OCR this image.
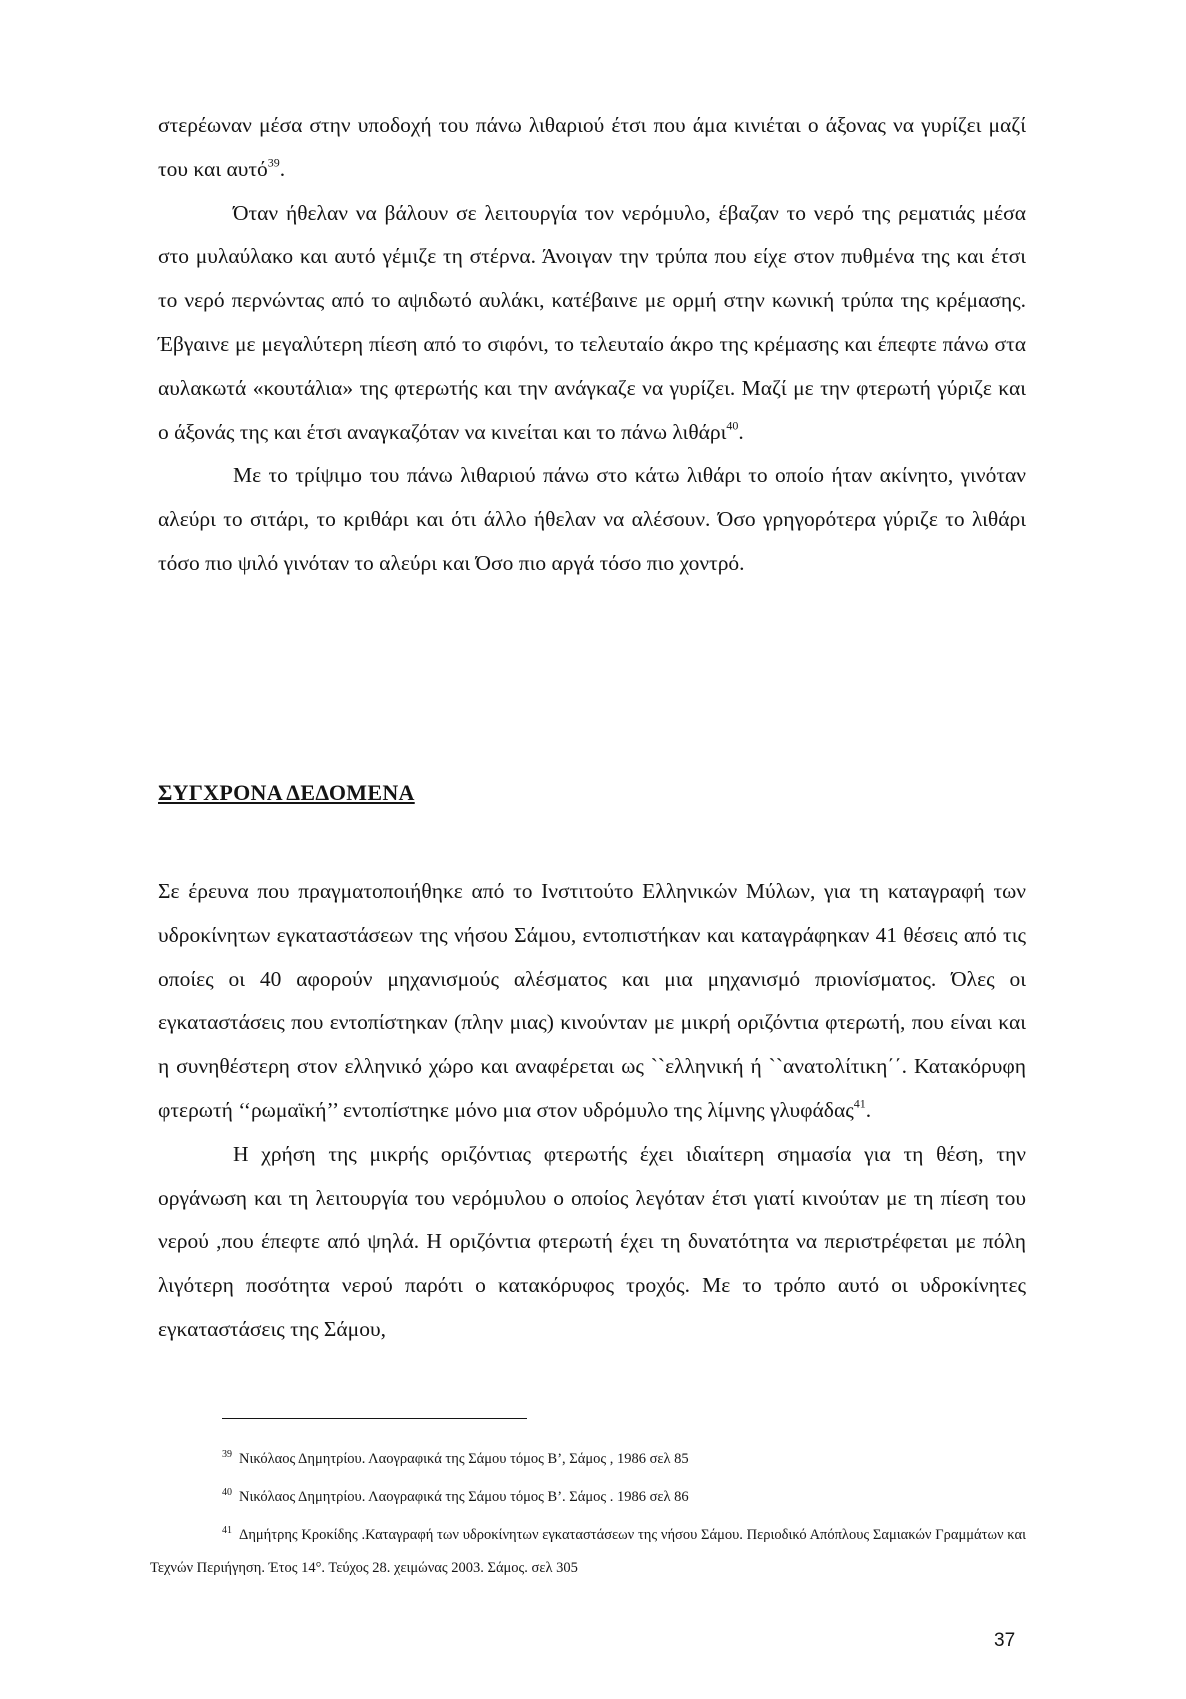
στερέωναν μέσα στην υποδοχή του πάνω λιθαριού έτσι που άμα κινιέται ο άξονας να γυρίζει μαζί του και αυτό$^{39}$.

Όταν ήθελαν να βάλουν σε λειτουργία τον νερόμυλο, έβαζαν το νερό της ρεματιάς μέσα στο μυλαύλακο και αυτό γέμιζε τη στέρνα. Άνοιγαν την τρύπα που είχε στον πυθμένα της και έτσι το νερό περνώντας από το αψιδωτό αυλάκι, κατέβαινε με ορμή στην κωνική τρύπα της κρέμασης. Έβγαινε με μεγαλύτερη πίεση από το σιφόνι, το τελευταίο άκρο της κρέμασης και έπεφτε πάνω στα αυλακωτά «κουτάλια» της φτερωτής και την ανάγκαζε να γυρίζει. Μαζί με την φτερωτή γύριζε και ο άξονάς της και έτσι αναγκαζόταν να κινείται και το πάνω λιθάρι$^{40}$.

Με το τρίψιμο του πάνω λιθαριού πάνω στο κάτω λιθάρι το οποίο ήταν ακίνητο, γινόταν αλεύρι το σιτάρι, το κριθάρι και ότι άλλο ήθελαν να αλέσουν. Όσο γρηγορότερα γύριζε το λιθάρι τόσο πιο ψιλό γινόταν το αλεύρι και Όσο πιο αργά τόσο πιο χοντρό.

ΣΥΓΧΡΟΝΑ ΔΕΔΟΜΕΝΑ

Σε έρευνα που πραγματοποιήθηκε από το Ινστιτούτο Ελληνικών Μύλων, για τη καταγραφή των υδροκίνητων εγκαταστάσεων της νήσου Σάμου, εντοπιστήκαν και καταγράφηκαν 41 θέσεις από τις οποίες οι 40 αφορούν μηχανισμούς αλέσματος και μια μηχανισμό πριονίσματος. Όλες οι εγκαταστάσεις που εντοπίστηκαν (πλην μιας) κινούνταν με μικρή οριζόντια φτερωτή, που είναι και η συνηθέστερη στον ελληνικό χώρο και αναφέρεται ως ``ελληνική ή ``ανατολίτικη΄΄. Κατακόρυφη φτερωτή ‘‘ρωμαϊκή’’ εντοπίστηκε μόνο μια στον υδρόμυλο της λίμνης γλυφάδας$^{41}$.

Η χρήση της μικρής οριζόντιας φτερωτής έχει ιδιαίτερη σημασία για τη θέση, την οργάνωση και τη λειτουργία του νερόμυλου ο οποίος λεγόταν έτσι γιατί κινούταν με τη πίεση του νερού ,που έπεφτε από ψηλά. Η οριζόντια φτερωτή έχει τη δυνατότητα να περιστρέφεται με πόλη λιγότερη ποσότητα νερού παρότι ο κατακόρυφος τροχός. Με το τρόπο αυτό οι υδροκίνητες εγκαταστάσεις της Σάμου,

$^{39}$ Νικόλαος Δημητρίου. Λαογραφικά της Σάμου τόμος Β’, Σάμος , 1986 σελ 85

$^{40}$ Νικόλαος Δημητρίου. Λαογραφικά της Σάμου τόμος Β’. Σάμος . 1986 σελ 86

$^{41}$ Δημήτρης Κροκίδης .Καταγραφή των υδροκίνητων εγκαταστάσεων της νήσου Σάμου. Περιοδικό Απόπλους Σαμιακών Γραμμάτων και Τεχνών Περιήγηση. Έτος 14°. Τεύχος 28. χειμώνας 2003. Σάμος. σελ 305

37
